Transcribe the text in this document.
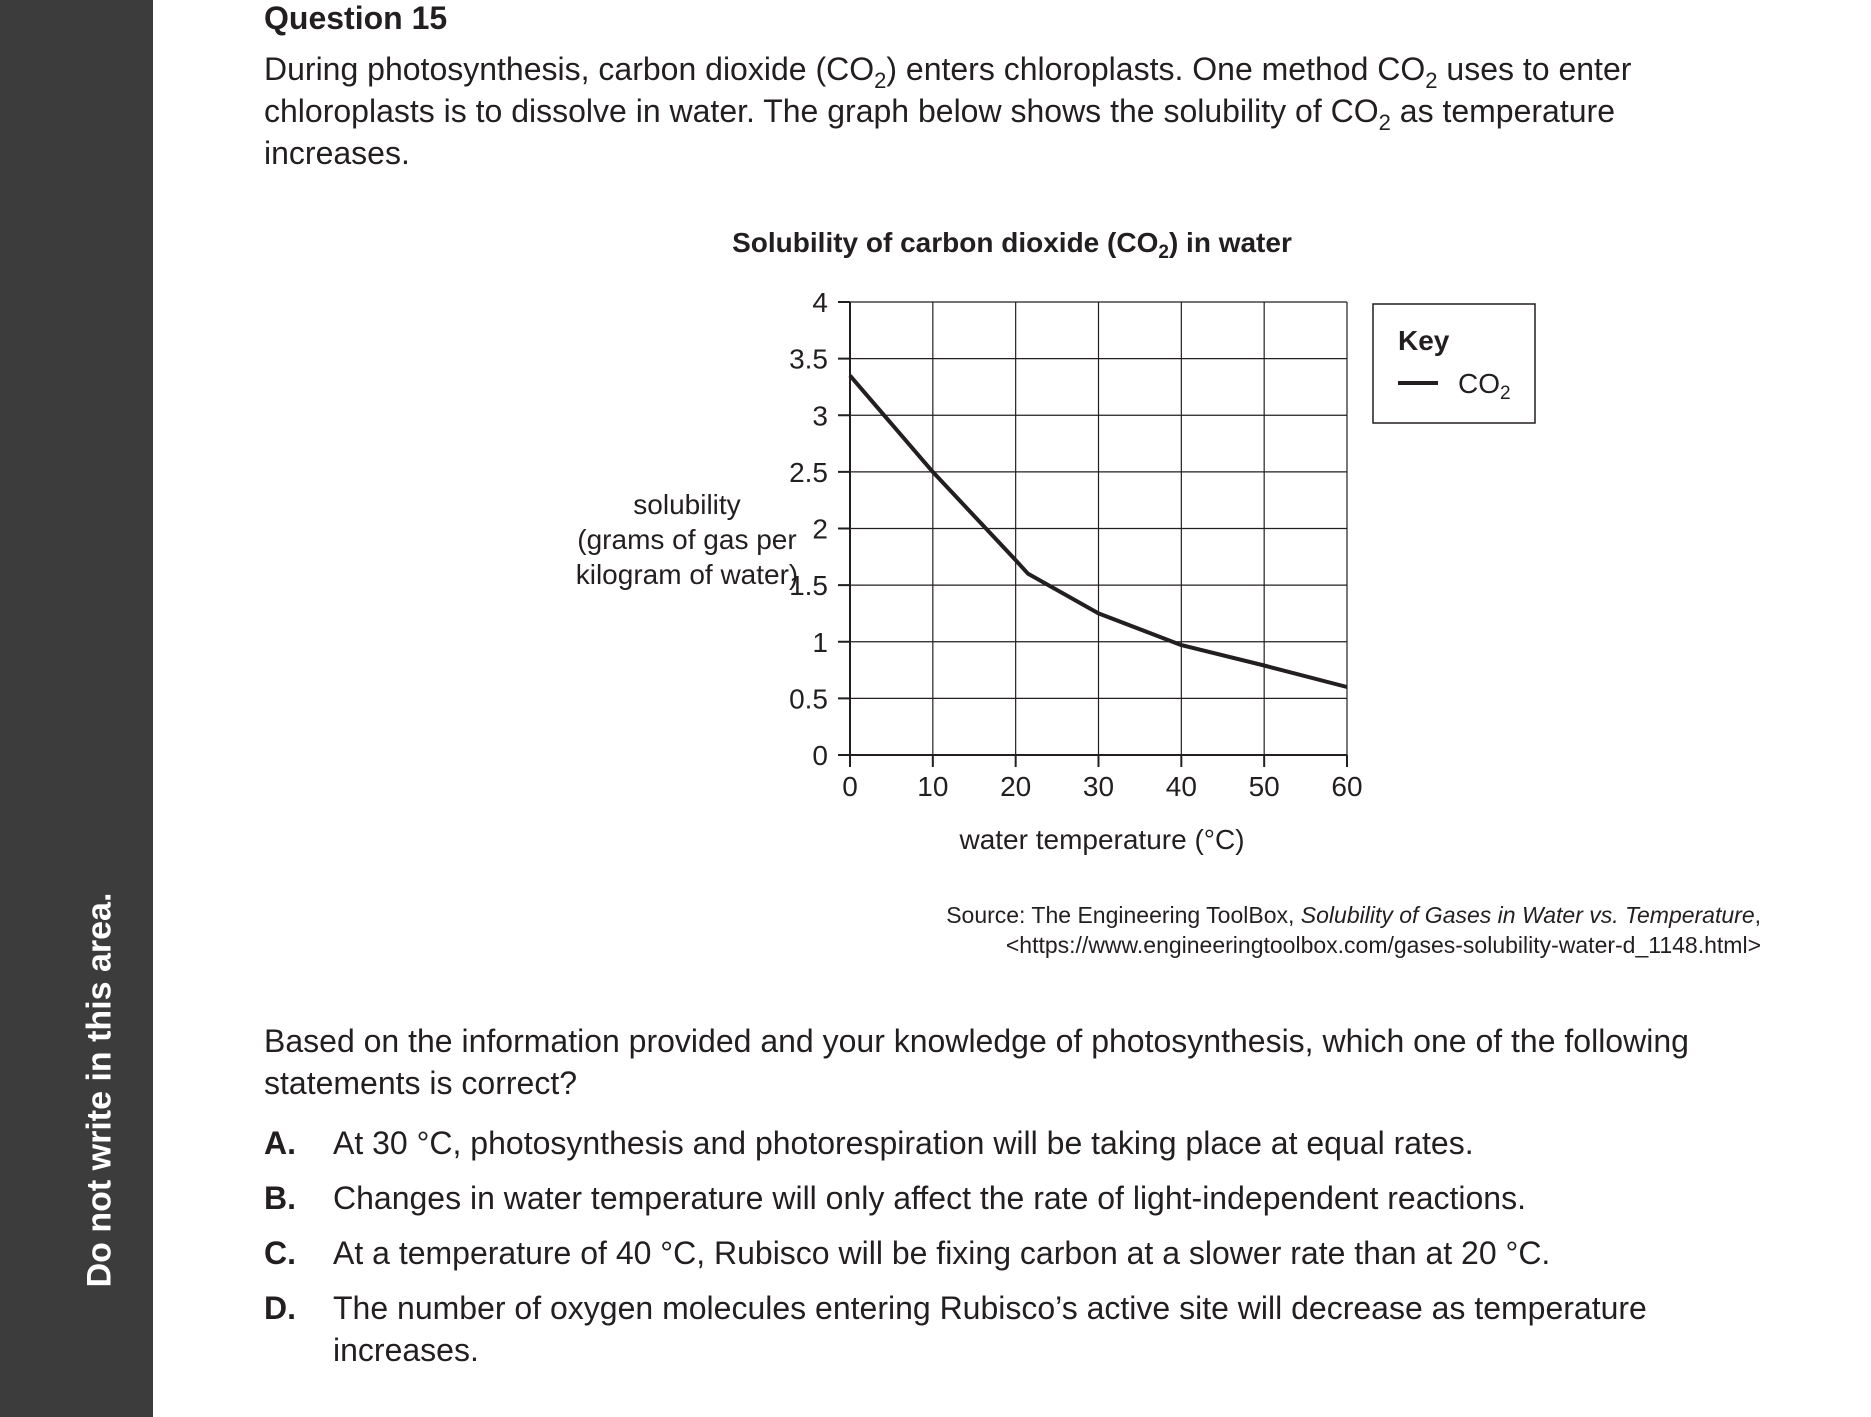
Do not write in this area.
Question 15
During photosynthesis, carbon dioxide $(CO_2)$ enters chloroplasts. One method $CO_2$ uses to enter
chloroplasts is to dissolve in water. The graph below shows the solubility of $CO_2$ as temperature
increases.
Solubility of carbon dioxide $(CO_2)$ in water
0
0.5
1
1.5
2
2.5
3
3.5
4
0 10 20 30 40 50 60
solubility
(grams of gas per
kilogram of water)
water temperature (°C)
Key
$CO_2$
Source: The Engineering ToolBox, Solubility of Gases in Water vs. Temperature,
<https://www.engineeringtoolbox.com/gases-solubility-water-d_1148.html>
Based on the information provided and your knowledge of photosynthesis, which one of the following
statements is correct?
A. At 30 °C, photosynthesis and photorespiration will be taking place at equal rates.
B. Changes in water temperature will only affect the rate of light-independent reactions.
C. At a temperature of 40 °C, Rubisco will be fixing carbon at a slower rate than at 20 °C.
D. The number of oxygen molecules entering Rubisco’s active site will decrease as temperature
increases.
